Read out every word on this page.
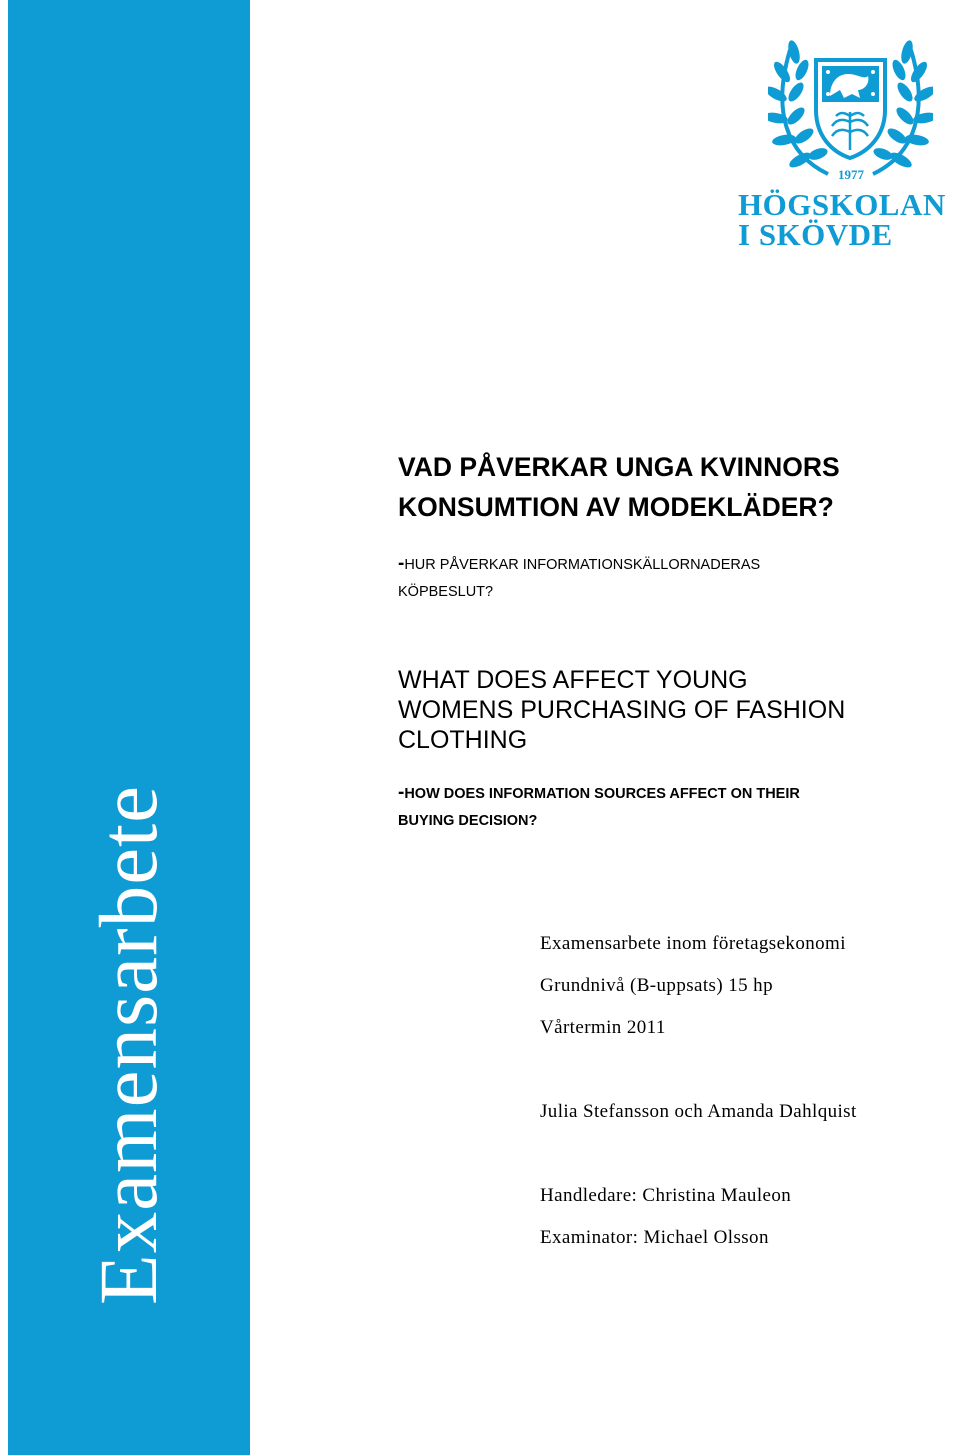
Examensarbete
1977
HÖGSKOLAN
I SKÖVDE
VAD PÅVERKAR UNGA KVINNORS
KONSUMTION AV MODEKLÄDER?
-HUR PÅVERKAR INFORMATIONSKÄLLORNADERAS
KÖPBESLUT?
WHAT DOES AFFECT YOUNG
WOMENS PURCHASING OF FASHION
CLOTHING
-HOW DOES INFORMATION SOURCES AFFECT ON THEIR
BUYING DECISION?
Examensarbete inom företagsekonomi
Grundnivå (B-uppsats) 15 hp
Vårtermin 2011
Julia Stefansson och Amanda Dahlquist
Handledare: Christina Mauleon
Examinator: Michael Olsson
